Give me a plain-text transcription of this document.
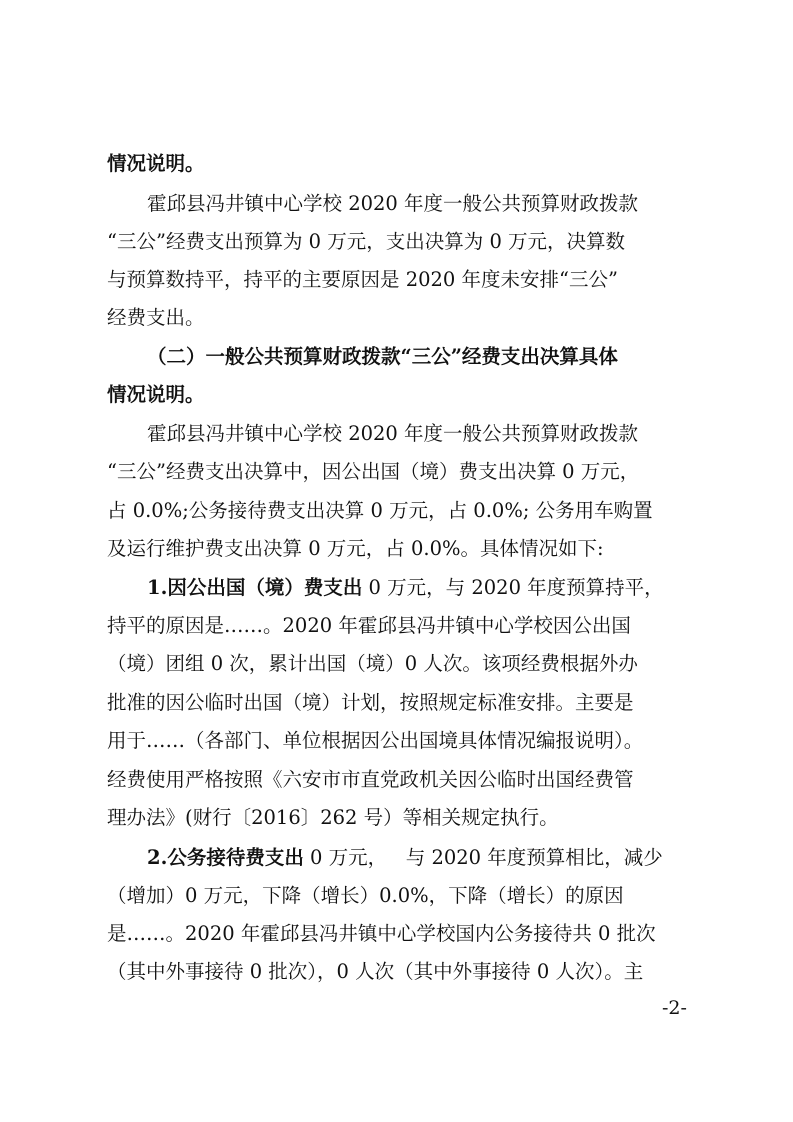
情况说明。
霍邱县冯井镇中心学校 2020 年度一般公共预算财政拨款
“三公”经费支出预算为 0 万元，支出决算为 0 万元，决算数
与预算数持平，持平的主要原因是 2020 年度未安排“三公”
经费支出。
（二）一般公共预算财政拨款“三公”经费支出决算具体
情况说明。
霍邱县冯井镇中心学校 2020 年度一般公共预算财政拨款
“三公”经费支出决算中，因公出国（境）费支出决算 0 万元，
占 0.0%;公务接待费支出决算 0 万元，占 0.0%; 公务用车购置
及运行维护费支出决算 0 万元，占 0.0%。具体情况如下:
1.因公出国（境）费支出 0 万元，与 2020 年度预算持平，
持平的原因是……。2020 年霍邱县冯井镇中心学校因公出国
（境）团组 0 次，累计出国（境）0 人次。该项经费根据外办
批准的因公临时出国（境）计划，按照规定标准安排。主要是
用于……（各部门、单位根据因公出国境具体情况编报说明）。
经费使用严格按照《六安市市直党政机关因公临时出国经费管
理办法》(财行〔2016〕262 号）等相关规定执行。
2.公务接待费支出 0 万元，   与 2020 年度预算相比，减少
（增加）0 万元，下降（增长）0.0%，下降（增长）的原因
是……。2020 年霍邱县冯井镇中心学校国内公务接待共 0 批次
（其中外事接待 0 批次），0 人次（其中外事接待 0 人次）。主
-2-
